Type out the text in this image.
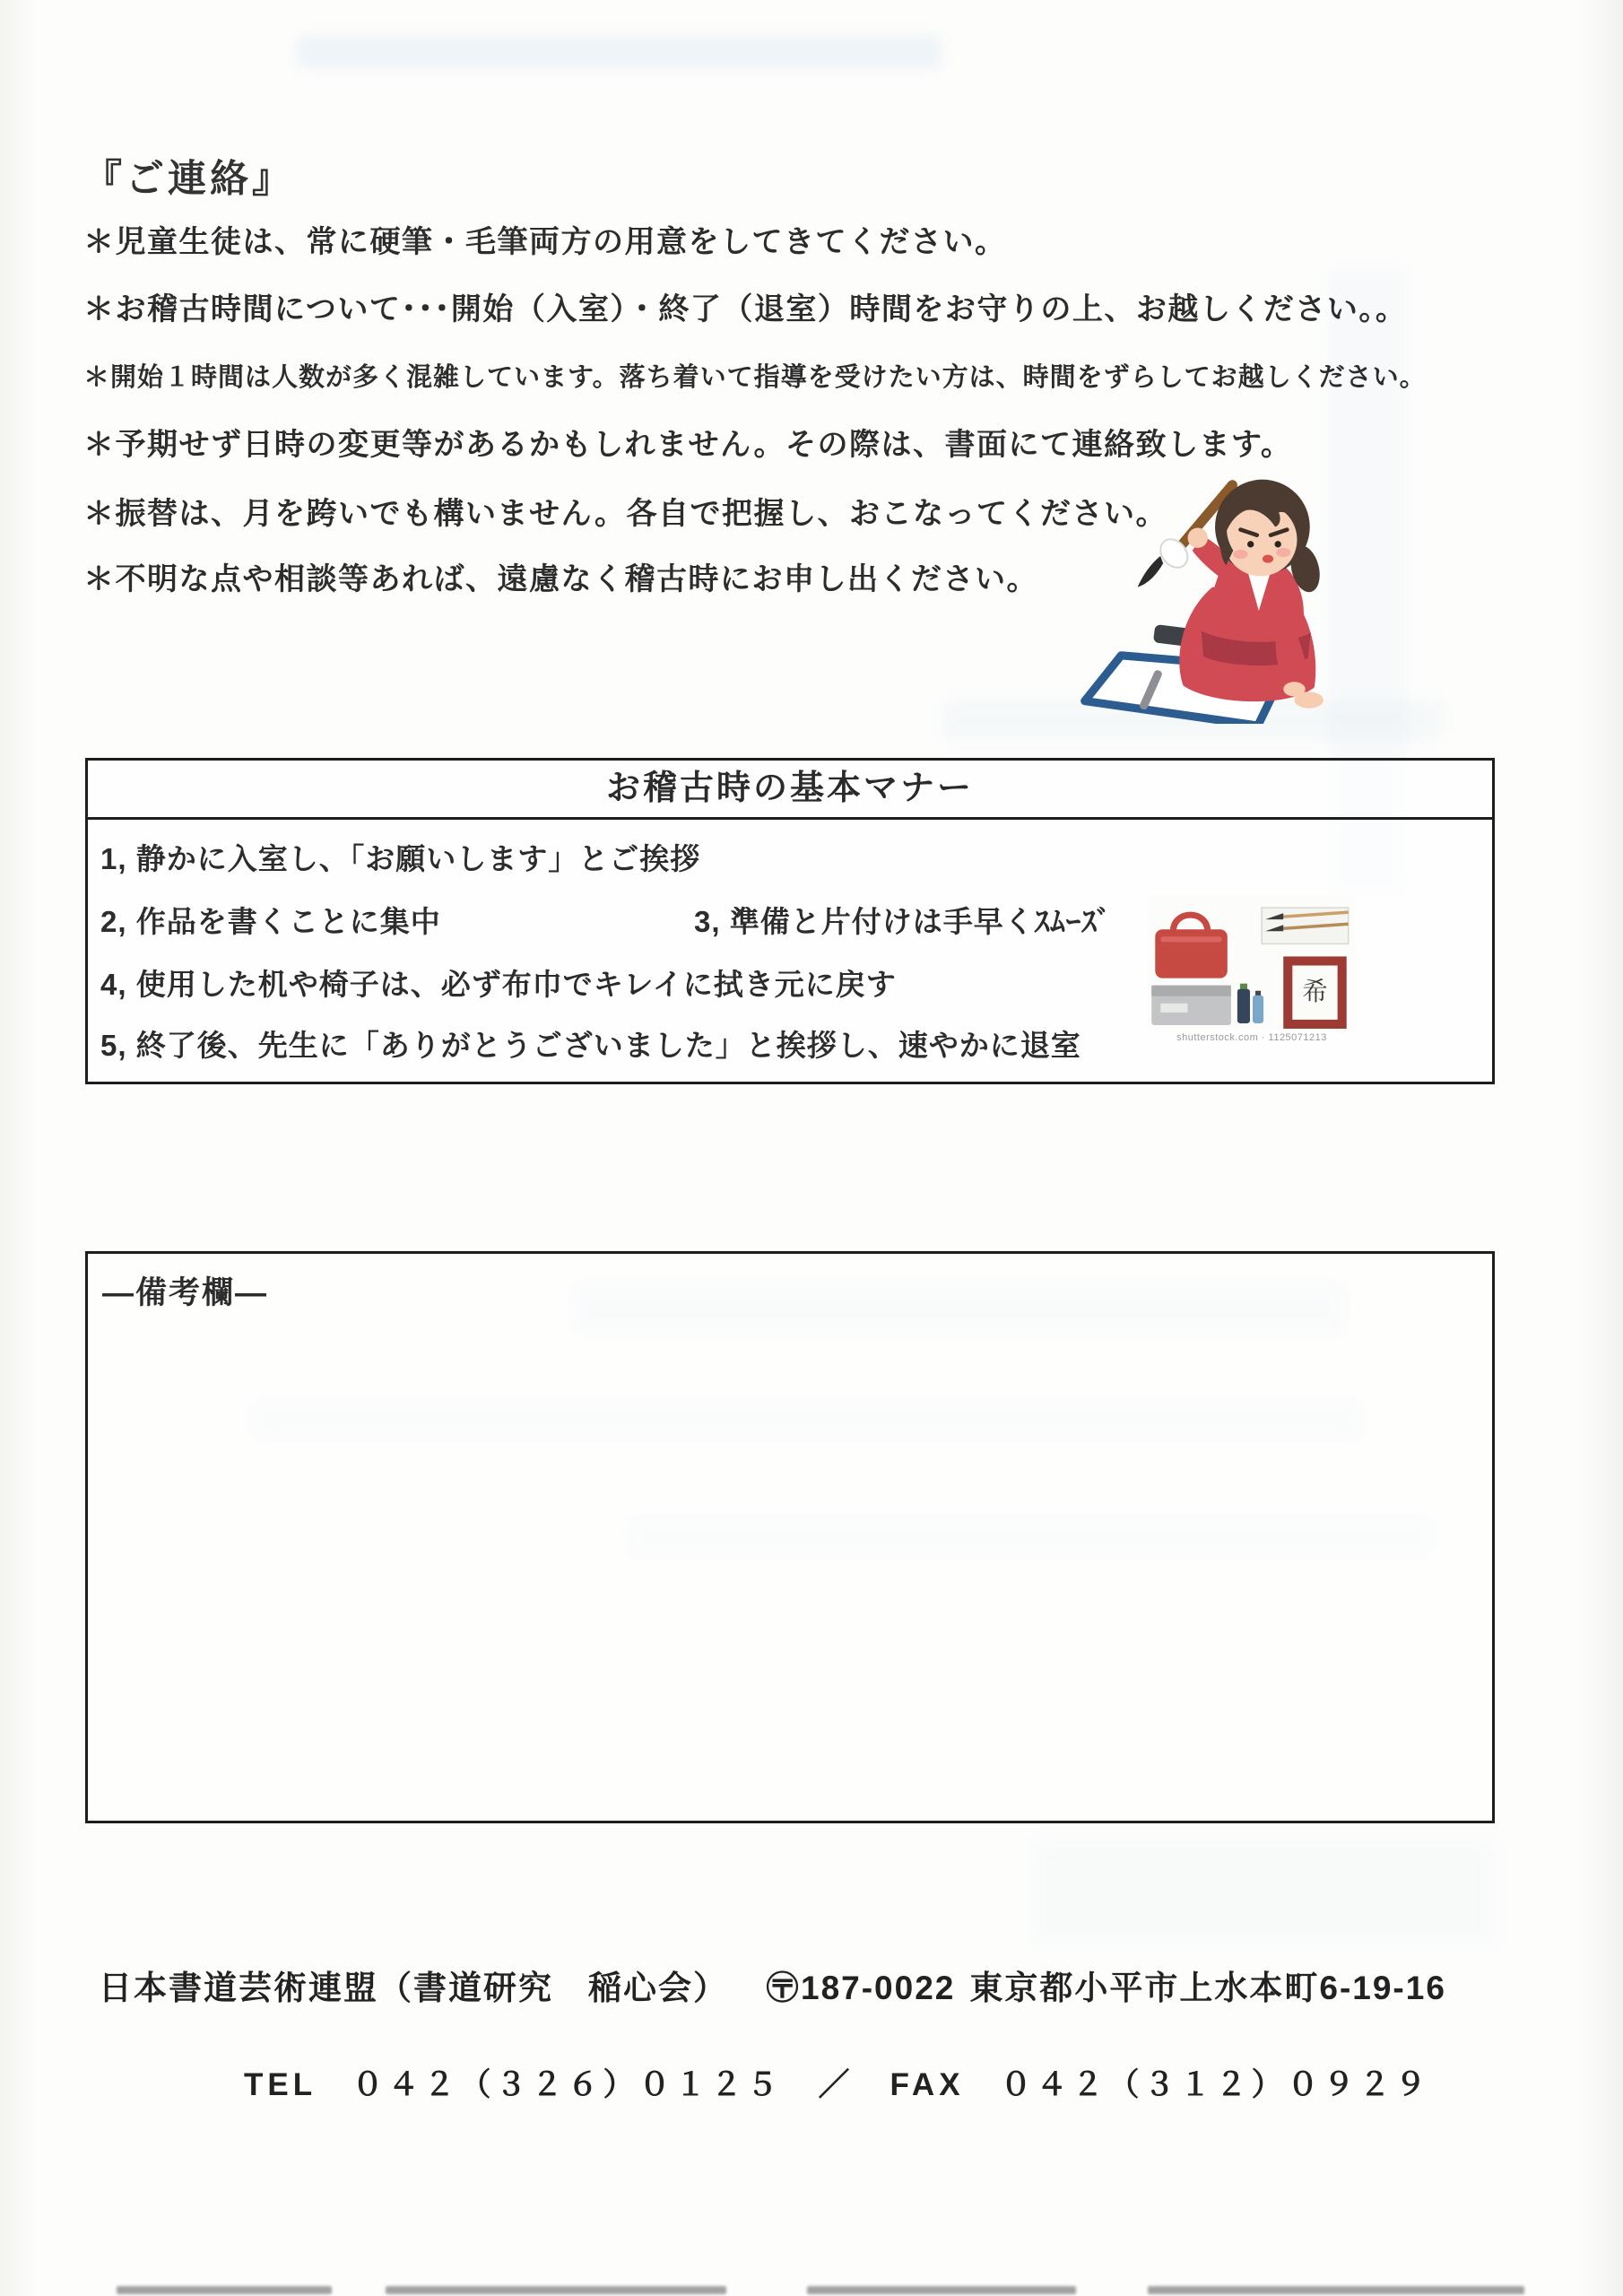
『ご連絡』

＊児童生徒は、常に硬筆・毛筆両方の用意をしてきてください。

＊お稽古時間について･･･開始（入室）・終了（退室）時間をお守りの上、お越しください。。

＊開始１時間は人数が多く混雑しています。落ち着いて指導を受けたい方は、時間をずらしてお越しください。

＊予期せず日時の変更等があるかもしれません。その際は、書面にて連絡致します。

＊振替は、月を跨いでも構いません。各自で把握し、おこなってください。

＊不明な点や相談等あれば、遠慮なく稽古時にお申し出ください。

お稽古時の基本マナー

1, 静かに入室し、「お願いします」とご挨拶

2, 作品を書くことに集中	3, 準備と片付けは手早くｽﾑｰｽﾞ

4, 使用した机や椅子は、必ず布巾でキレイに拭き元に戻す

5, 終了後、先生に「ありがとうございました」と挨拶し、速やかに退室

希

shutterstock.com · 1125071213

―備考欄―

日本書道芸術連盟（書道研究　稲心会） 〶187-0022 東京都小平市上水本町6-19-16

TEL　０４２（３２６）０１２５　／　FAX　０４２（３１２）０９２９
